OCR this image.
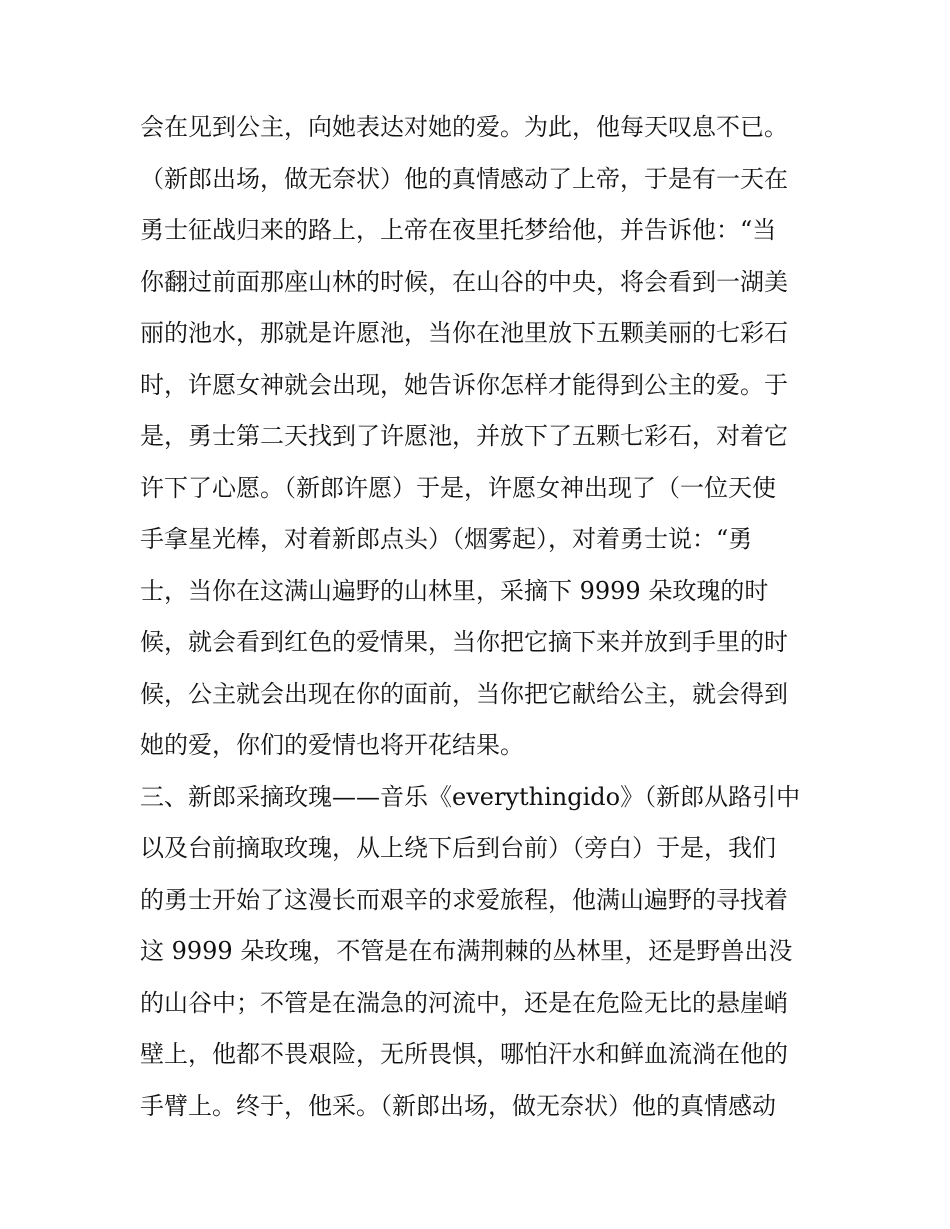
会在见到公主，向她表达对她的爱。为此，他每天叹息不已。
（新郎出场，做无奈状）他的真情感动了上帝，于是有一天在
勇士征战归来的路上，上帝在夜里托梦给他，并告诉他：“当
你翻过前面那座山林的时候，在山谷的中央，将会看到一湖美
丽的池水，那就是许愿池，当你在池里放下五颗美丽的七彩石
时，许愿女神就会出现，她告诉你怎样才能得到公主的爱。于
是，勇士第二天找到了许愿池，并放下了五颗七彩石，对着它
许下了心愿。（新郎许愿）于是，许愿女神出现了（一位天使
手拿星光棒，对着新郎点头）（烟雾起），对着勇士说：“勇
士，当你在这满山遍野的山林里，采摘下 9999 朵玫瑰的时
候，就会看到红色的爱情果，当你把它摘下来并放到手里的时
候，公主就会出现在你的面前，当你把它献给公主，就会得到
她的爱，你们的爱情也将开花结果。
三、新郎采摘玫瑰——音乐《everythingido》（新郎从路引中
以及台前摘取玫瑰，从上绕下后到台前）（旁白）于是，我们
的勇士开始了这漫长而艰辛的求爱旅程，他满山遍野的寻找着
这 9999 朵玫瑰，不管是在布满荆棘的丛林里，还是野兽出没
的山谷中；不管是在湍急的河流中，还是在危险无比的悬崖峭
壁上，他都不畏艰险，无所畏惧，哪怕汗水和鲜血流淌在他的
手臂上。终于，他采。（新郎出场，做无奈状）他的真情感动
